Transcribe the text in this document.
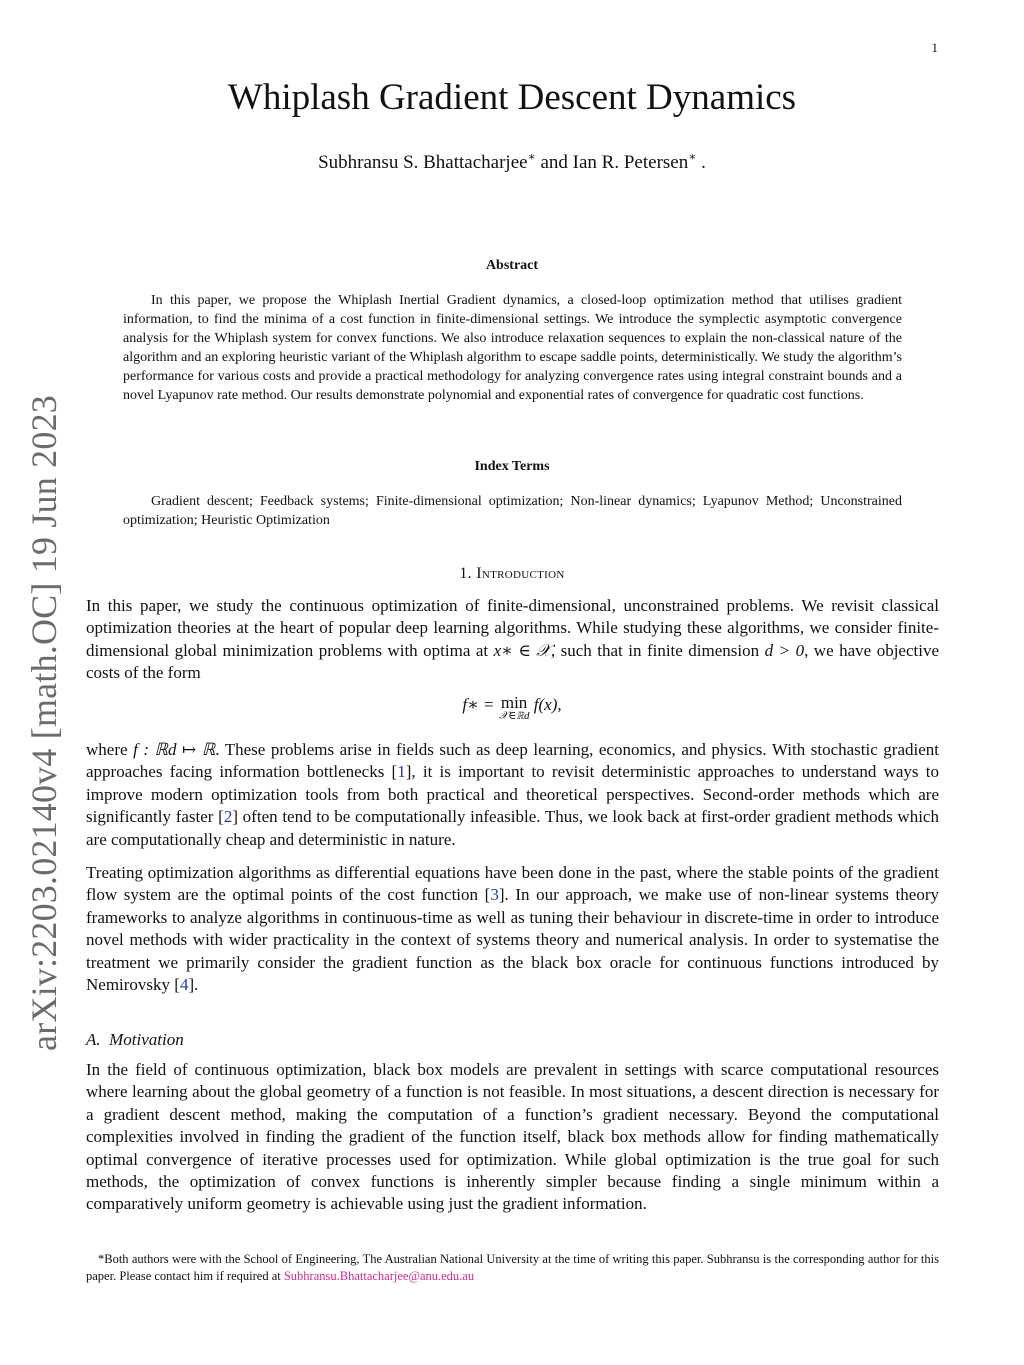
1
arXiv:2203.02140v4 [math.OC] 19 Jun 2023
Whiplash Gradient Descent Dynamics
Subhransu S. Bhattacharjee∗ and Ian R. Petersen∗ .
Abstract

In this paper, we propose the Whiplash Inertial Gradient dynamics, a closed-loop optimization method that utilises gradient information, to find the minima of a cost function in finite-dimensional settings. We introduce the symplectic asymptotic convergence analysis for the Whiplash system for convex functions. We also introduce relaxation sequences to explain the non-classical nature of the algorithm and an exploring heuristic variant of the Whiplash algorithm to escape saddle points, deterministically. We study the algorithm’s performance for various costs and provide a practical methodology for analyzing convergence rates using integral constraint bounds and a novel Lyapunov rate method. Our results demonstrate polynomial and exponential rates of convergence for quadratic cost functions.

Index Terms

Gradient descent; Feedback systems; Finite-dimensional optimization; Non-linear dynamics; Lyapunov Method; Unconstrained optimization; Heuristic Optimization

1. Introduction

In this paper, we study the continuous optimization of finite-dimensional, unconstrained problems. We revisit classical optimization theories at the heart of popular deep learning algorithms. While studying these algorithms, we consider finite-dimensional global minimization problems with optima at x∗ ∈ 𝒳, such that in finite dimension d > 0, we have objective costs of the form

f∗ = min
𝒳∈ℝd
f(x),

where f : ℝd ↦ ℝ. These problems arise in fields such as deep learning, economics, and physics. With stochastic gradient approaches facing information bottlenecks [1], it is important to revisit deterministic approaches to understand ways to improve modern optimization tools from both practical and theoretical perspectives. Second-order methods which are significantly faster [2] often tend to be computationally infeasible. Thus, we look back at first-order gradient methods which are computationally cheap and deterministic in nature.

Treating optimization algorithms as differential equations have been done in the past, where the stable points of the gradient flow system are the optimal points of the cost function [3]. In our approach, we make use of non-linear systems theory frameworks to analyze algorithms in continuous-time as well as tuning their behaviour in discrete-time in order to introduce novel methods with wider practicality in the context of systems theory and numerical analysis. In order to systematise the treatment we primarily consider the gradient function as the black box oracle for continuous functions introduced by Nemirovsky [4].

A. Motivation

In the field of continuous optimization, black box models are prevalent in settings with scarce computational resources where learning about the global geometry of a function is not feasible. In most situations, a descent direction is necessary for a gradient descent method, making the computation of a function’s gradient necessary. Beyond the computational complexities involved in finding the gradient of the function itself, black box methods allow for finding mathematically optimal convergence of iterative processes used for optimization. While global optimization is the true goal for such methods, the optimization of convex functions is inherently simpler because finding a single minimum within a comparatively uniform geometry is achievable using just the gradient information.

*Both authors were with the School of Engineering, The Australian National University at the time of writing this paper. Subhransu is the corresponding author for this paper. Please contact him if required at Subhransu.Bhattacharjee@anu.edu.au
